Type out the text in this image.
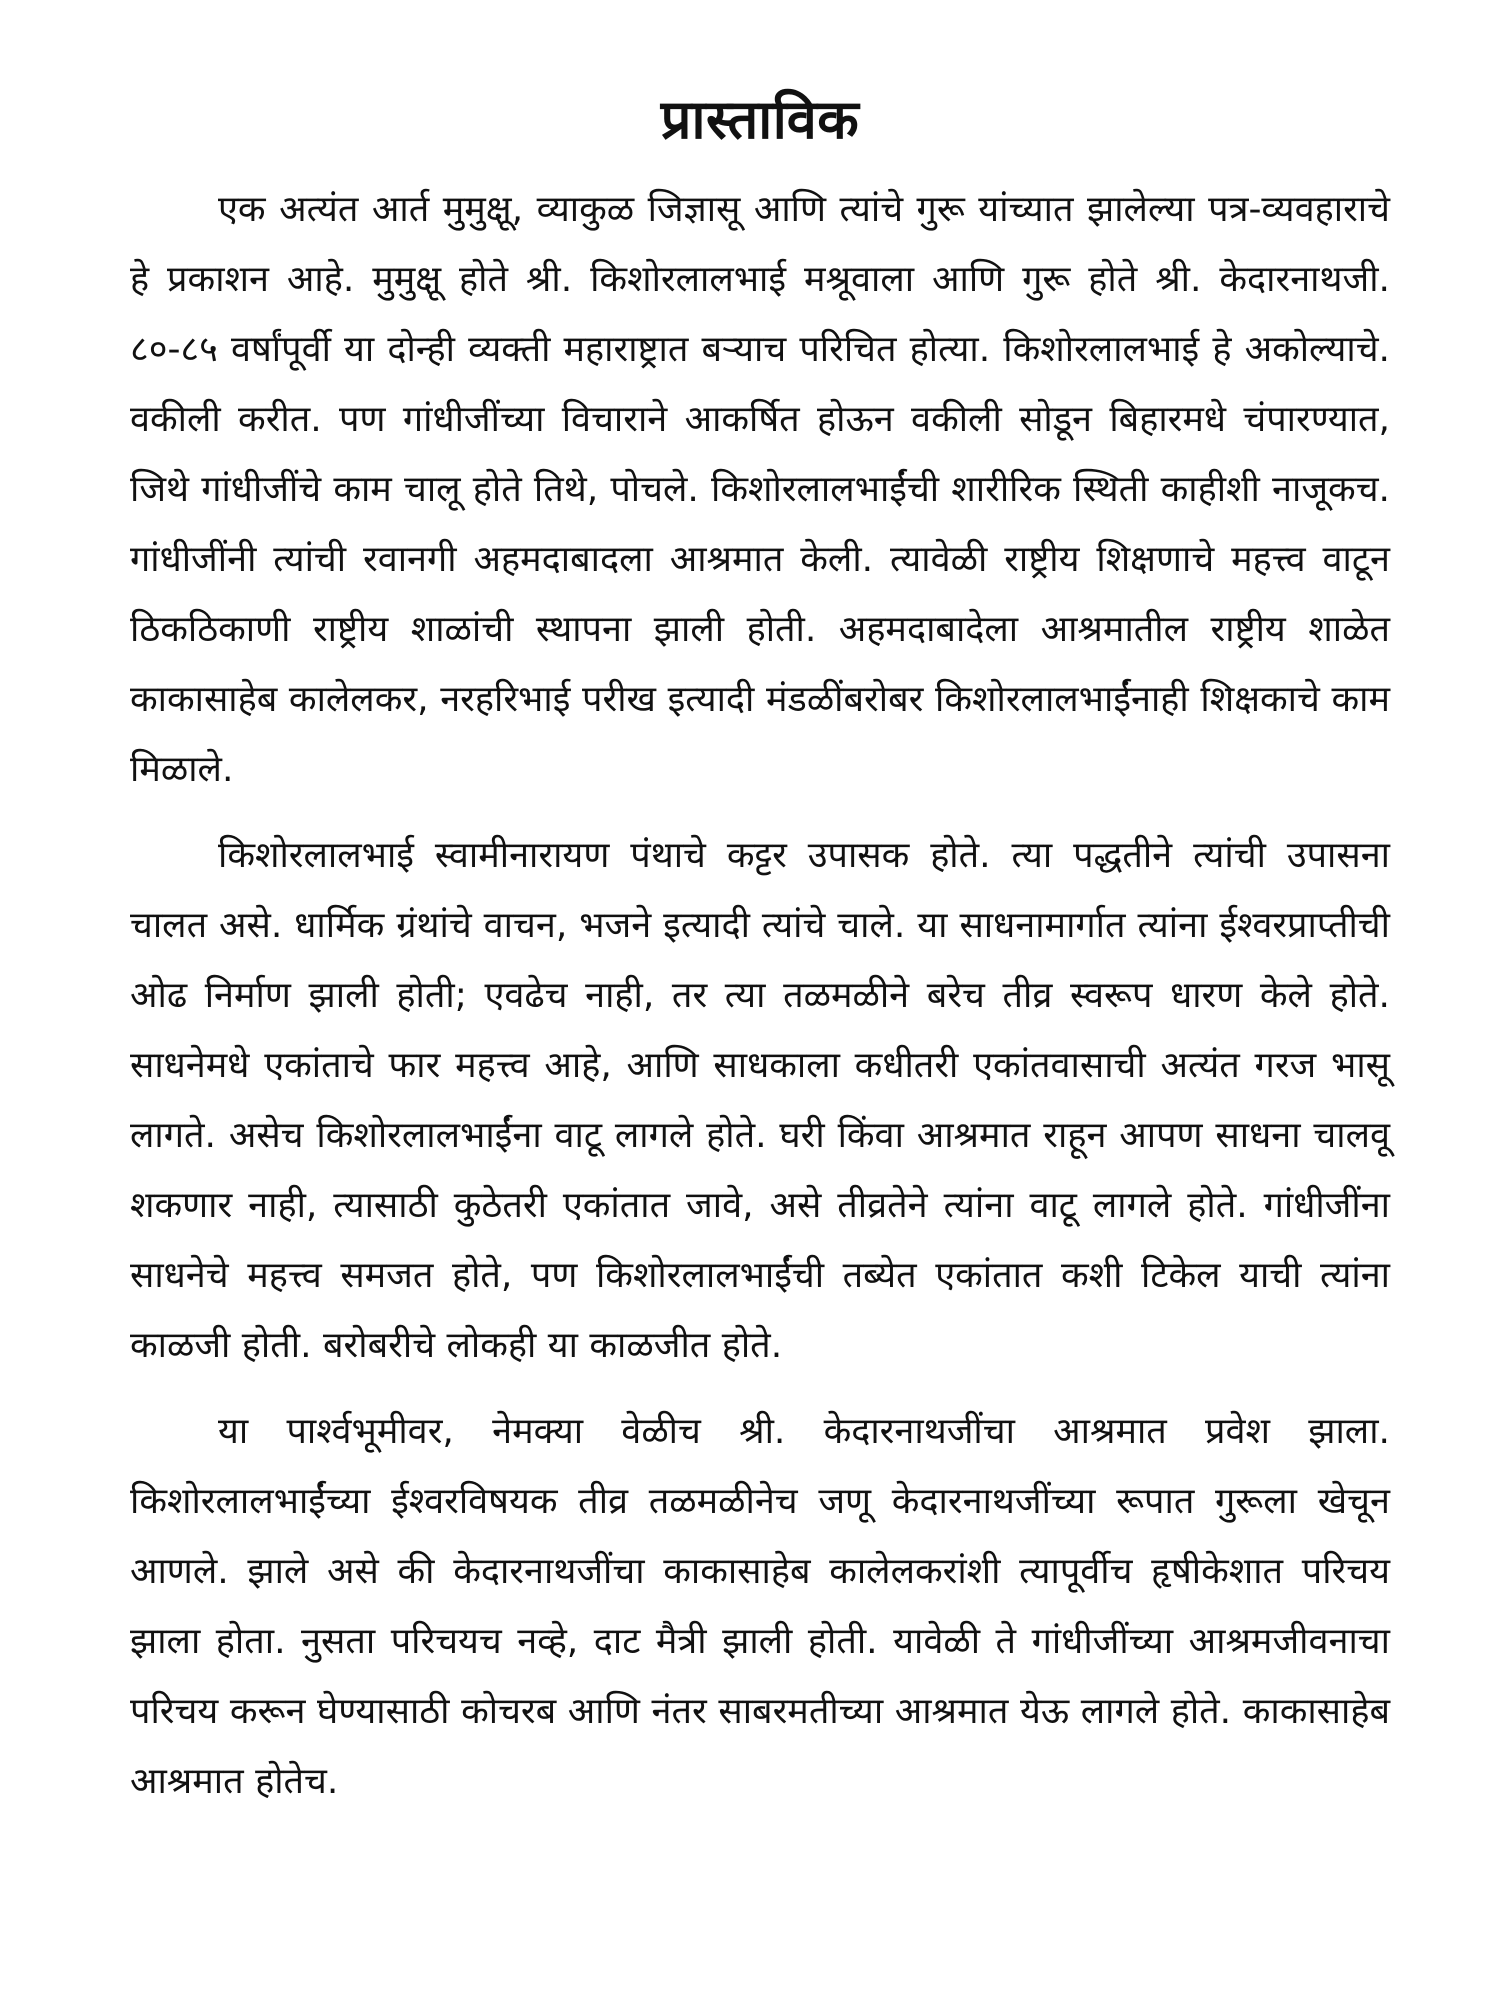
प्रास्ताविक

एक अत्यंत आर्त मुमुक्षू, व्याकुळ जिज्ञासू आणि त्यांचे गुरू यांच्यात झालेल्या पत्र-व्यवहाराचे हे प्रकाशन आहे. मुमुक्षू होते श्री. किशोरलालभाई मश्रूवाला आणि गुरू होते श्री. केदारनाथजी. ८०-८५ वर्षांपूर्वी या दोन्ही व्यक्ती महाराष्ट्रात बऱ्याच परिचित होत्या. किशोरलालभाई हे अकोल्याचे. वकीली करीत. पण गांधीजींच्या विचाराने आकर्षित होऊन वकीली सोडून बिहारमधे चंपारण्यात, जिथे गांधीजींचे काम चालू होते तिथे, पोचले. किशोरलालभाईंची शारीरिक स्थिती काहीशी नाजूकच. गांधीजींनी त्यांची रवानगी अहमदाबादला आश्रमात केली. त्यावेळी राष्ट्रीय शिक्षणाचे महत्त्व वाटून ठिकठिकाणी राष्ट्रीय शाळांची स्थापना झाली होती. अहमदाबादेला आश्रमातील राष्ट्रीय शाळेत काकासाहेब कालेलकर, नरहरिभाई परीख इत्यादी मंडळींबरोबर किशोरलालभाईंनाही शिक्षकाचे काम मिळाले.

किशोरलालभाई स्वामीनारायण पंथाचे कट्टर उपासक होते. त्या पद्धतीने त्यांची उपासना चालत असे. धार्मिक ग्रंथांचे वाचन, भजने इत्यादी त्यांचे चाले. या साधनामार्गात त्यांना ईश्वरप्राप्तीची ओढ निर्माण झाली होती; एवढेच नाही, तर त्या तळमळीने बरेच तीव्र स्वरूप धारण केले होते. साधनेमधे एकांताचे फार महत्त्व आहे, आणि साधकाला कधीतरी एकांतवासाची अत्यंत गरज भासू लागते. असेच किशोरलालभाईंना वाटू लागले होते. घरी किंवा आश्रमात राहून आपण साधना चालवू शकणार नाही, त्यासाठी कुठेतरी एकांतात जावे, असे तीव्रतेने त्यांना वाटू लागले होते. गांधीजींना साधनेचे महत्त्व समजत होते, पण किशोरलालभाईंची तब्येत एकांतात कशी टिकेल याची त्यांना काळजी होती. बरोबरीचे लोकही या काळजीत होते.

या पार्श्वभूमीवर, नेमक्या वेळीच श्री. केदारनाथजींचा आश्रमात प्रवेश झाला. किशोरलालभाईंच्या ईश्वरविषयक तीव्र तळमळीनेच जणू केदारनाथजींच्या रूपात गुरूला खेचून आणले. झाले असे की केदारनाथजींचा काकासाहेब कालेलकरांशी त्यापूर्वीच हृषीकेशात परिचय झाला होता. नुसता परिचयच नव्हे, दाट मैत्री झाली होती. यावेळी ते गांधीजींच्या आश्रमजीवनाचा परिचय करून घेण्यासाठी कोचरब आणि नंतर साबरमतीच्या आश्रमात येऊ लागले होते. काकासाहेब आश्रमात होतेच.
